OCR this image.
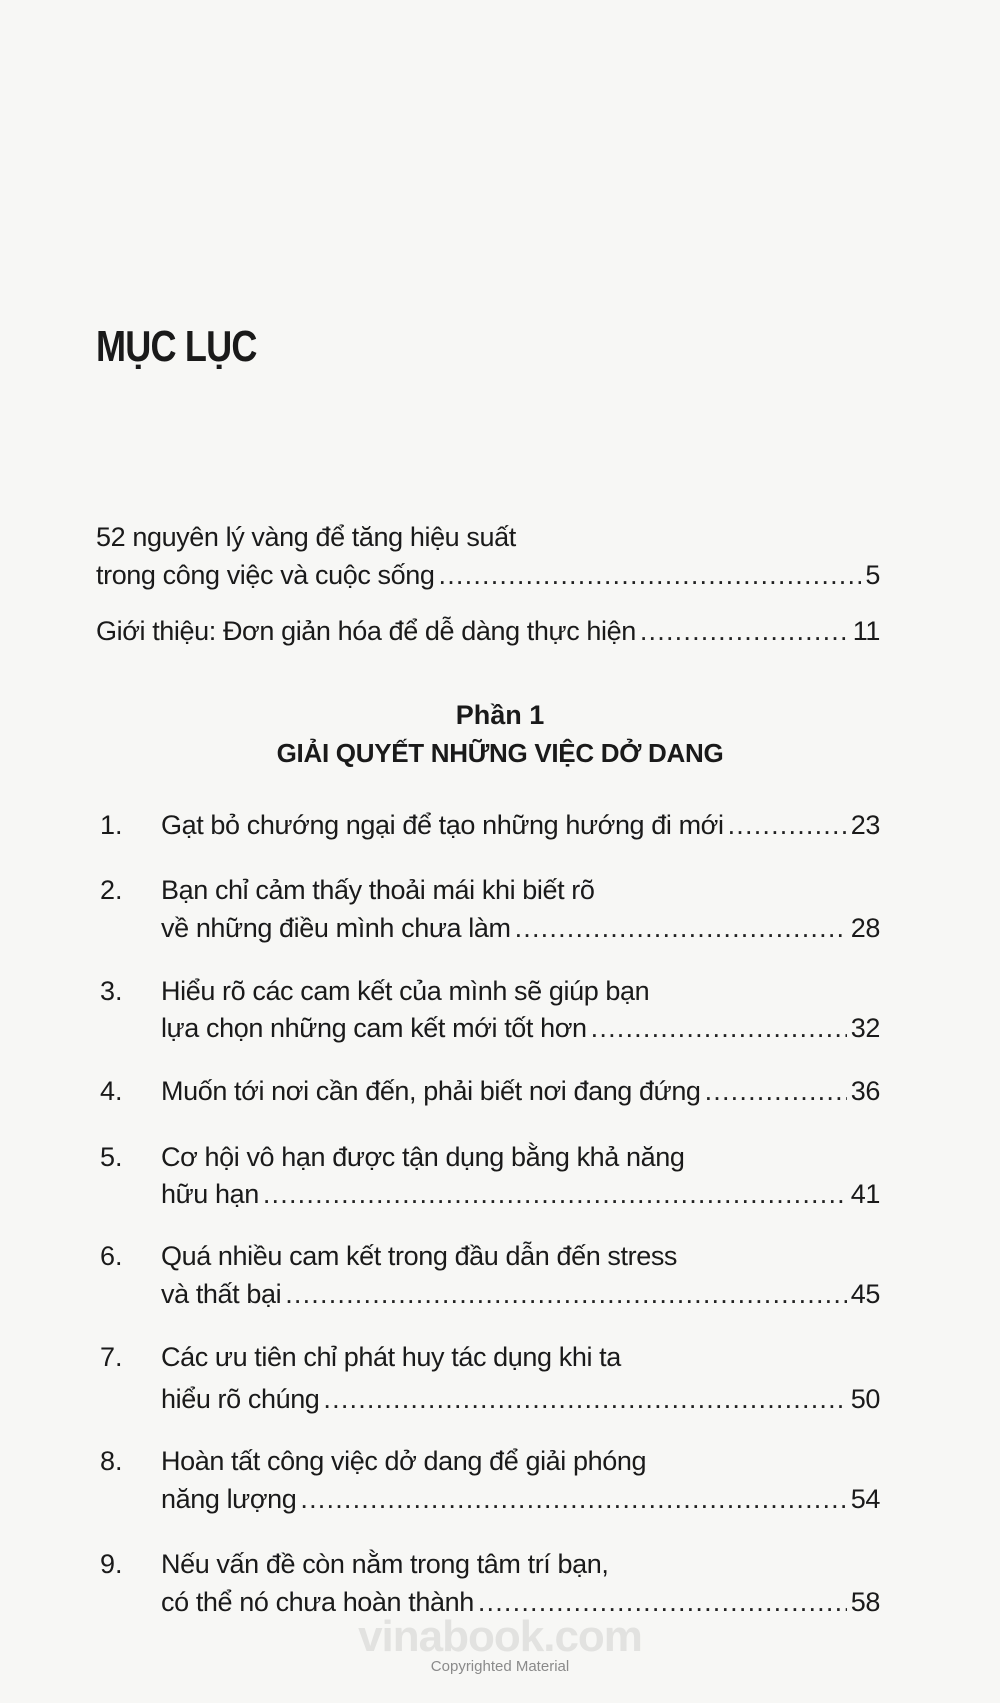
MỤC LỤC
52 nguyên lý vàng để tăng hiệu suất
trong công việc và cuộc sống .....	5
Giới thiệu: Đơn giản hóa để dễ dàng thực hiện .....	11
Phần 1
GIẢI QUYẾT NHỮNG VIỆC DỞ DANG
1. Gạt bỏ chướng ngại để tạo những hướng đi mới .....	23
2. Bạn chỉ cảm thấy thoải mái khi biết rõ
về những điều mình chưa làm .....	28
3. Hiểu rõ các cam kết của mình sẽ giúp bạn
lựa chọn những cam kết mới tốt hơn .....	32
4. Muốn tới nơi cần đến, phải biết nơi đang đứng .....	36
5. Cơ hội vô hạn được tận dụng bằng khả năng
hữu hạn .....	41
6. Quá nhiều cam kết trong đầu dẫn đến stress
và thất bại .....	45
7. Các ưu tiên chỉ phát huy tác dụng khi ta
hiểu rõ chúng .....	50
8. Hoàn tất công việc dở dang để giải phóng
năng lượng .....	54
9. Nếu vấn đề còn nằm trong tâm trí bạn,
có thể nó chưa hoàn thành .....	58
vinabook.com
Copyrighted Material
